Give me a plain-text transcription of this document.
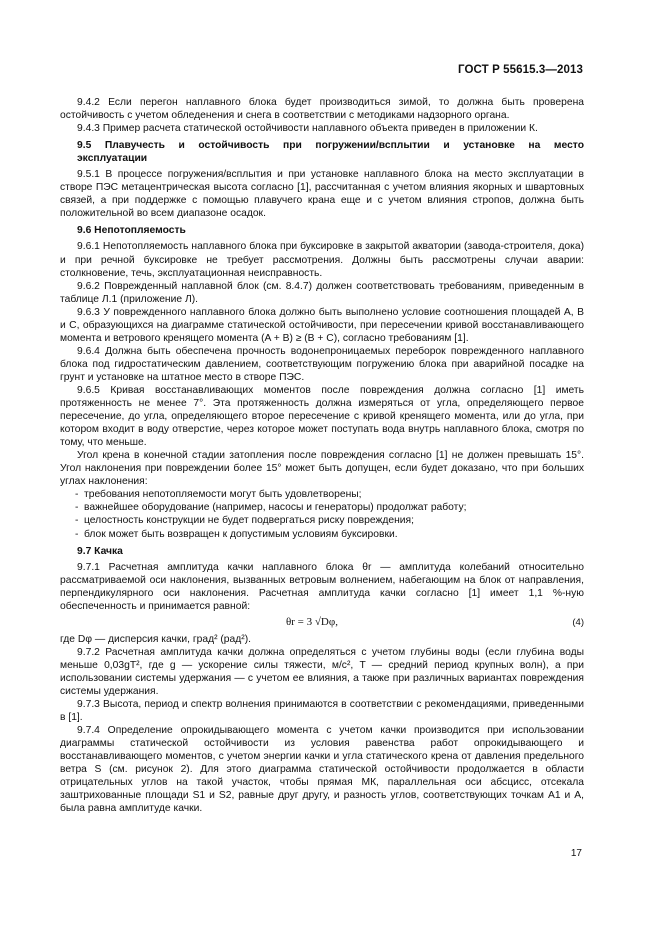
ГОСТ Р 55615.3—2013

9.4.2 Если перегон наплавного блока будет производиться зимой, то должна быть проверена остойчивость с учетом обледенения и снега в соответствии с методиками надзорного органа.

9.4.3 Пример расчета статической остойчивости наплавного объекта приведен в приложении К.

9.5 Плавучесть и остойчивость при погружении/всплытии и установке на место
эксплуатации

9.5.1 В процессе погружения/всплытия и при установке наплавного блока на место эксплуатации в створе ПЭС метацентрическая высота согласно [1], рассчитанная с учетом влияния якорных и швартовных связей, а при поддержке с помощью плавучего крана еще и с учетом влияния стропов, должна быть положительной во всем диапазоне осадок.

9.6 Непотопляемость

9.6.1 Непотопляемость наплавного блока при буксировке в закрытой акватории (завода-строителя, дока) и при речной буксировке не требует рассмотрения. Должны быть рассмотрены случаи аварии: столкновение, течь, эксплуатационная неисправность.

9.6.2 Поврежденный наплавной блок (см. 8.4.7) должен соответствовать требованиям, приведенным в таблице Л.1 (приложение Л).

9.6.3 У поврежденного наплавного блока должно быть выполнено условие соотношения площадей A, B и C, образующихся на диаграмме статической остойчивости, при пересечении кривой восстанавливающего момента и ветрового кренящего момента (A + B) ≥ (B + C), согласно требованиям [1].

9.6.4 Должна быть обеспечена прочность водонепроницаемых переборок поврежденного наплавного блока под гидростатическим давлением, соответствующим погружению блока при аварийной посадке на грунт и установке на штатное место в створе ПЭС.

9.6.5 Кривая восстанавливающих моментов после повреждения должна согласно [1] иметь протяженность не менее 7°. Эта протяженность должна измеряться от угла, определяющего первое пересечение, до угла, определяющего второе пересечение с кривой кренящего момента, или до угла, при котором входит в воду отверстие, через которое может поступать вода внутрь наплавного блока, смотря по тому, что меньше.

Угол крена в конечной стадии затопления после повреждения согласно [1] не должен превышать 15°. Угол наклонения при повреждении более 15° может быть допущен, если будет доказано, что при больших углах наклонения:

- требования непотопляемости могут быть удовлетворены;
- важнейшее оборудование (например, насосы и генераторы) продолжат работу;
- целостность конструкции не будет подвергаться риску повреждения;
- блок может быть возвращен к допустимым условиям буксировки.
9.7 Качка

9.7.1 Расчетная амплитуда качки наплавного блока θr — амплитуда колебаний относительно рассматриваемой оси наклонения, вызванных ветровым волнением, набегающим на блок от направления, перпендикулярного оси наклонения. Расчетная амплитуда качки согласно [1] имеет 1,1 %-ную обеспеченность и принимается равной:

θr = 3 √Dφ,	(4)

где Dφ — дисперсия качки, град² (рад²).

9.7.2 Расчетная амплитуда качки должна определяться с учетом глубины воды (если глубина воды меньше 0,03gT², где g — ускорение силы тяжести, м/с², T — средний период крупных волн), а при использовании системы удержания — с учетом ее влияния, а также при различных вариантах повреждения системы удержания.

9.7.3 Высота, период и спектр волнения принимаются в соответствии с рекомендациями, приведенными в [1].

9.7.4 Определение опрокидывающего момента с учетом качки производится при использовании диаграммы статической остойчивости из условия равенства работ опрокидывающего и восстанавливающего моментов, с учетом энергии качки и угла статического крена от давления предельного ветра S (см. рисунок 2). Для этого диаграмма статической остойчивости продолжается в области отрицательных углов на такой участок, чтобы прямая МК, параллельная оси абсцисс, отсекала заштрихованные площади S1 и S2, равные друг другу, и разность углов, соответствующих точкам A1 и A, была равна амплитуде качки.

17
